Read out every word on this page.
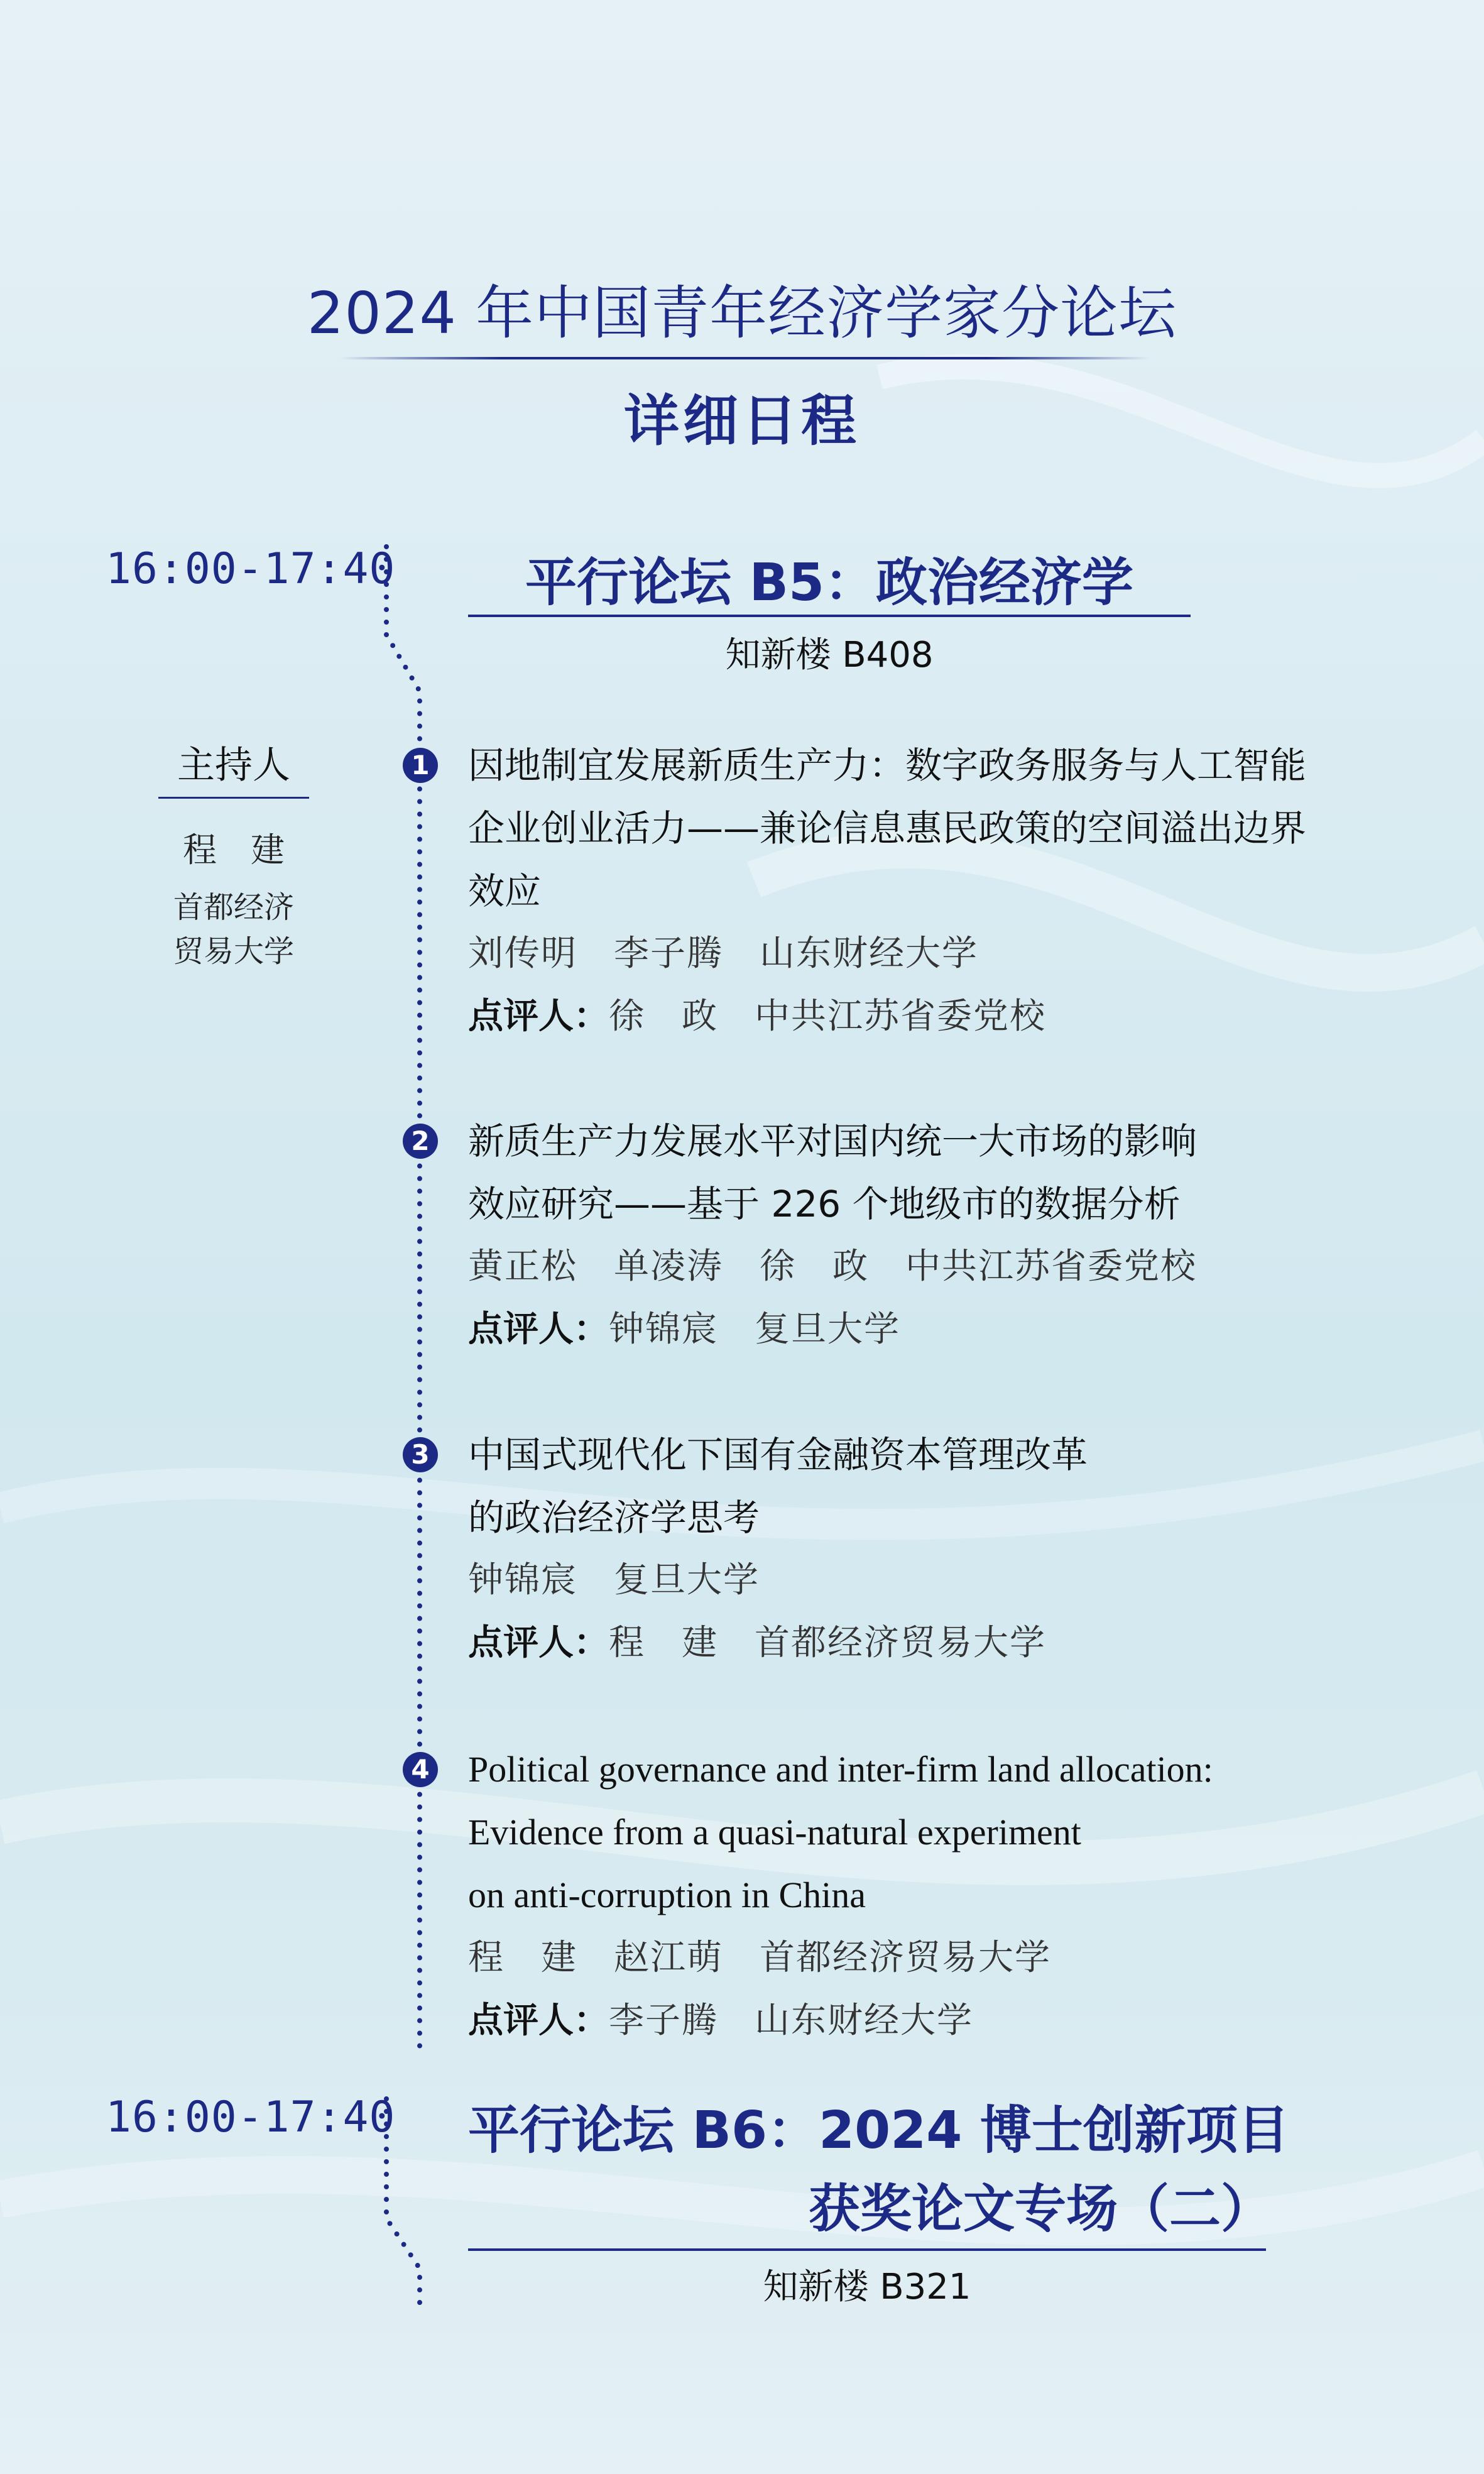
2024 年中国青年经济学家分论坛
详细日程
16:00-17:40	平行论坛 B5：政治经济学
知新楼 B408
主持人
程　建
首都经济
贸易大学
1 因地制宜发展新质生产力：数字政务服务与人工智能
企业创业活力——兼论信息惠民政策的空间溢出边界
效应
刘传明　李子腾　山东财经大学
点评人：徐　政　中共江苏省委党校
2 新质生产力发展水平对国内统一大市场的影响
效应研究——基于 226 个地级市的数据分析
黄正松　单凌涛　徐　政　中共江苏省委党校
点评人：钟锦宸　复旦大学
3 中国式现代化下国有金融资本管理改革
的政治经济学思考
钟锦宸　复旦大学
点评人：程　建　首都经济贸易大学
4 Political governance and inter-firm land allocation:
Evidence from a quasi-natural experiment
on anti-corruption in China
程　建　赵江萌　首都经济贸易大学
点评人：李子腾　山东财经大学
16:00-17:40 平行论坛 B6：2024 博士创新项目
获奖论文专场（二）
知新楼 B321
